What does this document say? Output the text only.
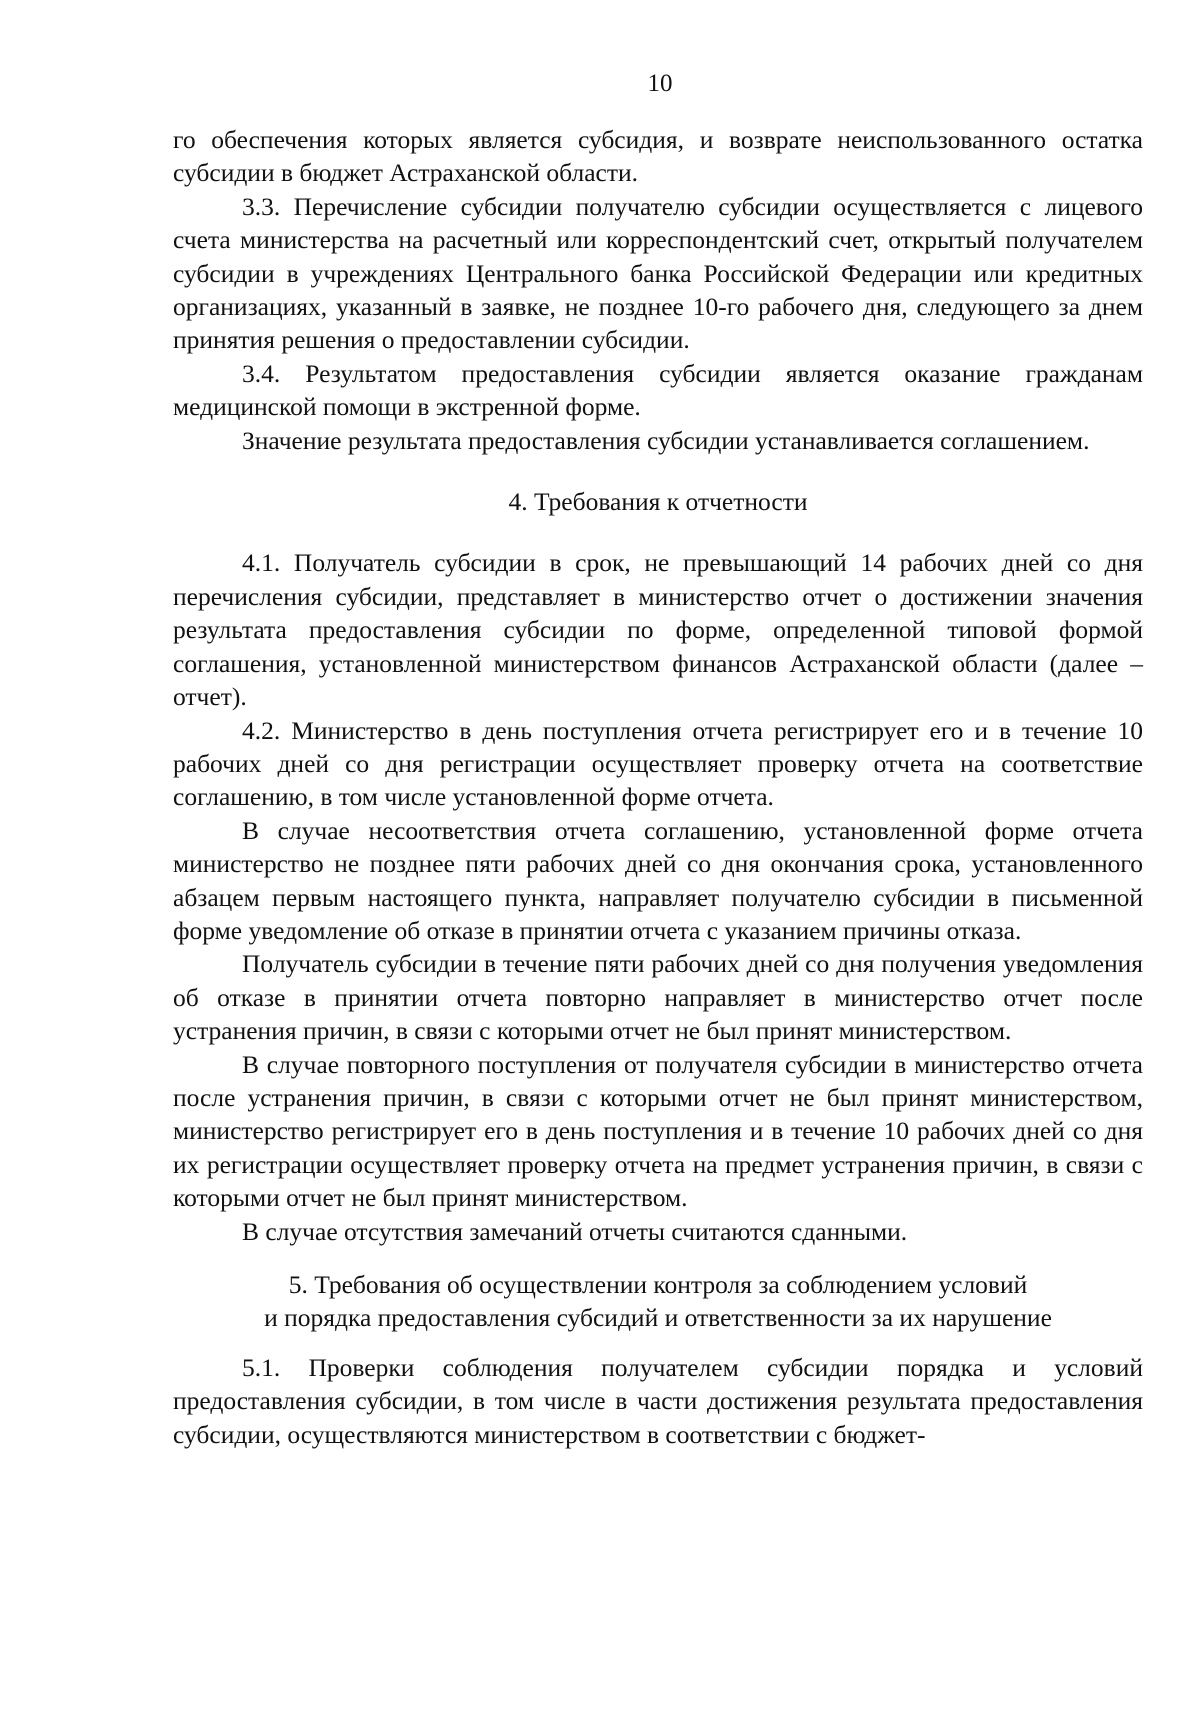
10

го обеспечения которых является субсидия, и возврате неиспользованного остатка субсидии в бюджет Астраханской области.

3.3. Перечисление субсидии получателю субсидии осуществляется с лицевого счета министерства на расчетный или корреспондентский счет, открытый получателем субсидии в учреждениях Центрального банка Российской Федерации или кредитных организациях, указанный в заявке, не позднее 10-го рабочего дня, следующего за днем принятия решения о предоставлении субсидии.

3.4. Результатом предоставления субсидии является оказание гражданам медицинской помощи в экстренной форме.

Значение результата предоставления субсидии устанавливается соглашением.

4. Требования к отчетности

4.1. Получатель субсидии в срок, не превышающий 14 рабочих дней со дня перечисления субсидии, представляет в министерство отчет о достижении значения результата предоставления субсидии по форме, определенной типовой формой соглашения, установленной министерством финансов Астраханской области (далее – отчет).

4.2. Министерство в день поступления отчета регистрирует его и в течение 10 рабочих дней со дня регистрации осуществляет проверку отчета на соответствие соглашению, в том числе установленной форме отчета.

В случае несоответствия отчета соглашению, установленной форме отчета министерство не позднее пяти рабочих дней со дня окончания срока, установленного абзацем первым настоящего пункта, направляет получателю субсидии в письменной форме уведомление об отказе в принятии отчета с указанием причины отказа.

Получатель субсидии в течение пяти рабочих дней со дня получения уведомления об отказе в принятии отчета повторно направляет в министерство отчет после устранения причин, в связи с которыми отчет не был принят министерством.

В случае повторного поступления от получателя субсидии в министерство отчета после устранения причин, в связи с которыми отчет не был принят министерством, министерство регистрирует его в день поступления и в течение 10 рабочих дней со дня их регистрации осуществляет проверку отчета на предмет устранения причин, в связи с которыми отчет не был принят министерством.

В случае отсутствия замечаний отчеты считаются сданными.

5. Требования об осуществлении контроля за соблюдением условий

и порядка предоставления субсидий и ответственности за их нарушение

5.1. Проверки соблюдения получателем субсидии порядка и условий предоставления субсидии, в том числе в части достижения результата предоставления субсидии, осуществляются министерством в соответствии с бюджет-
